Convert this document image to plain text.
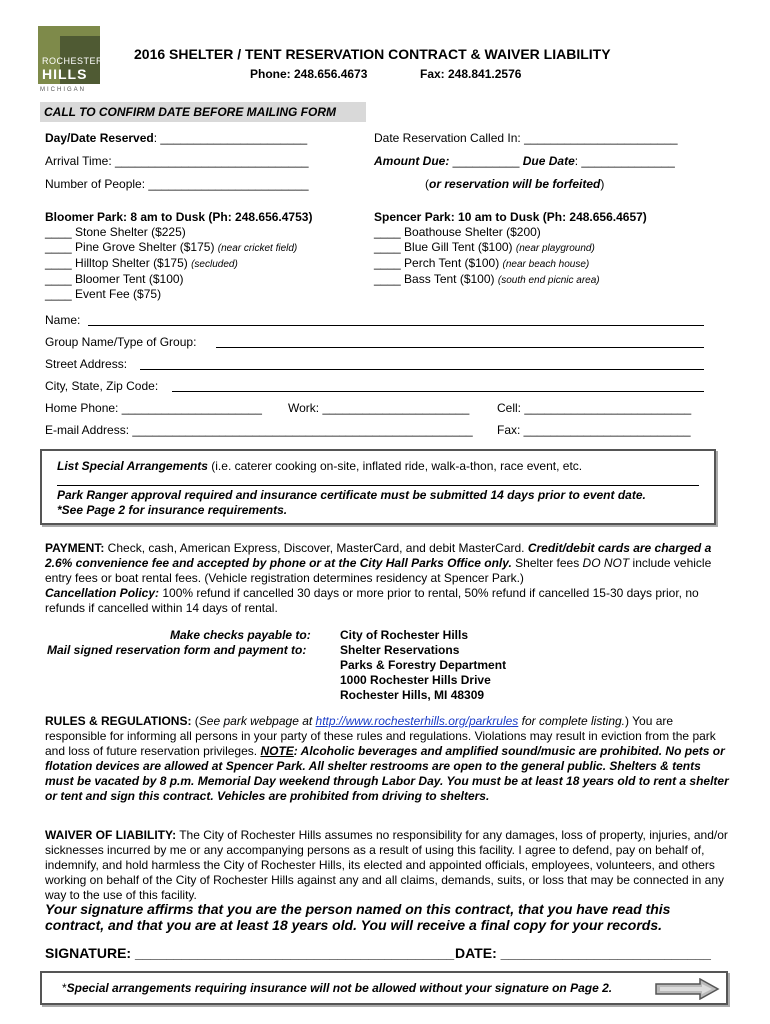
ROCHESTER
HILLS
MICHIGAN
2016 SHELTER / TENT RESERVATION CONTRACT & WAIVER LIABILITY
Phone: 248.656.4673	Fax: 248.841.2576
CALL TO CONFIRM DATE BEFORE MAILING FORM
Day/Date Reserved: ______________________
Arrival Time: _____________________________
Number of People: ________________________
Date Reservation Called In: _______________________
Amount Due: __________ Due Date: ______________
(or reservation will be forfeited)
Bloomer Park: 8 am to Dusk (Ph: 248.656.4753)
____ Stone Shelter ($225)
____ Pine Grove Shelter ($175) (near cricket field)
____ Hilltop Shelter ($175) (secluded)
____ Bloomer Tent ($100)
____ Event Fee ($75)
Spencer Park: 10 am to Dusk (Ph: 248.656.4657)
____ Boathouse Shelter ($200)
____ Blue Gill Tent ($100) (near playground)
____ Perch Tent ($100) (near beach house)
____ Bass Tent ($100) (south end picnic area)
Name:
Group Name/Type of Group:
Street Address:
City, State, Zip Code:
Home Phone: _____________________ Work: ______________________ Cell: _________________________
E-mail Address: ___________________________________________________ Fax: _________________________
List Special Arrangements (i.e. caterer cooking on-site, inflated ride, walk-a-thon, race event, etc.
Park Ranger approval required and insurance certificate must be submitted 14 days prior to event date.
*See Page 2 for insurance requirements.
PAYMENT: Check, cash, American Express, Discover, MasterCard, and debit MasterCard. Credit/debit cards are charged a 2.6% convenience fee and accepted by phone or at the City Hall Parks Office only. Shelter fees DO NOT include vehicle entry fees or boat rental fees. (Vehicle registration determines residency at Spencer Park.)
Cancellation Policy: 100% refund if cancelled 30 days or more prior to rental, 50% refund if cancelled 15-30 days prior, no refunds if cancelled within 14 days of rental.
Make checks payable to:
Mail signed reservation form and payment to:
City of Rochester Hills
Shelter Reservations
Parks & Forestry Department
1000 Rochester Hills Drive
Rochester Hills, MI 48309
RULES & REGULATIONS: (See park webpage at http://www.rochesterhills.org/parkrules for complete listing.) You are responsible for informing all persons in your party of these rules and regulations. Violations may result in eviction from the park and loss of future reservation privileges. NOTE: Alcoholic beverages and amplified sound/music are prohibited. No pets or flotation devices are allowed at Spencer Park. All shelter restrooms are open to the general public. Shelters & tents must be vacated by 8 p.m. Memorial Day weekend through Labor Day. You must be at least 18 years old to rent a shelter or tent and sign this contract. Vehicles are prohibited from driving to shelters.
WAIVER OF LIABILITY: The City of Rochester Hills assumes no responsibility for any damages, loss of property, injuries, and/or sicknesses incurred by me or any accompanying persons as a result of using this facility. I agree to defend, pay on behalf of, indemnify, and hold harmless the City of Rochester Hills, its elected and appointed officials, employees, volunteers, and others working on behalf of the City of Rochester Hills against any and all claims, demands, suits, or loss that may be connected in any way to the use of this facility.
Your signature affirms that you are the person named on this contract, that you have read this contract, and that you are at least 18 years old. You will receive a final copy for your records.
SIGNATURE: _________________________________________ DATE: ___________________________
*Special arrangements requiring insurance will not be allowed without your signature on Page 2.
